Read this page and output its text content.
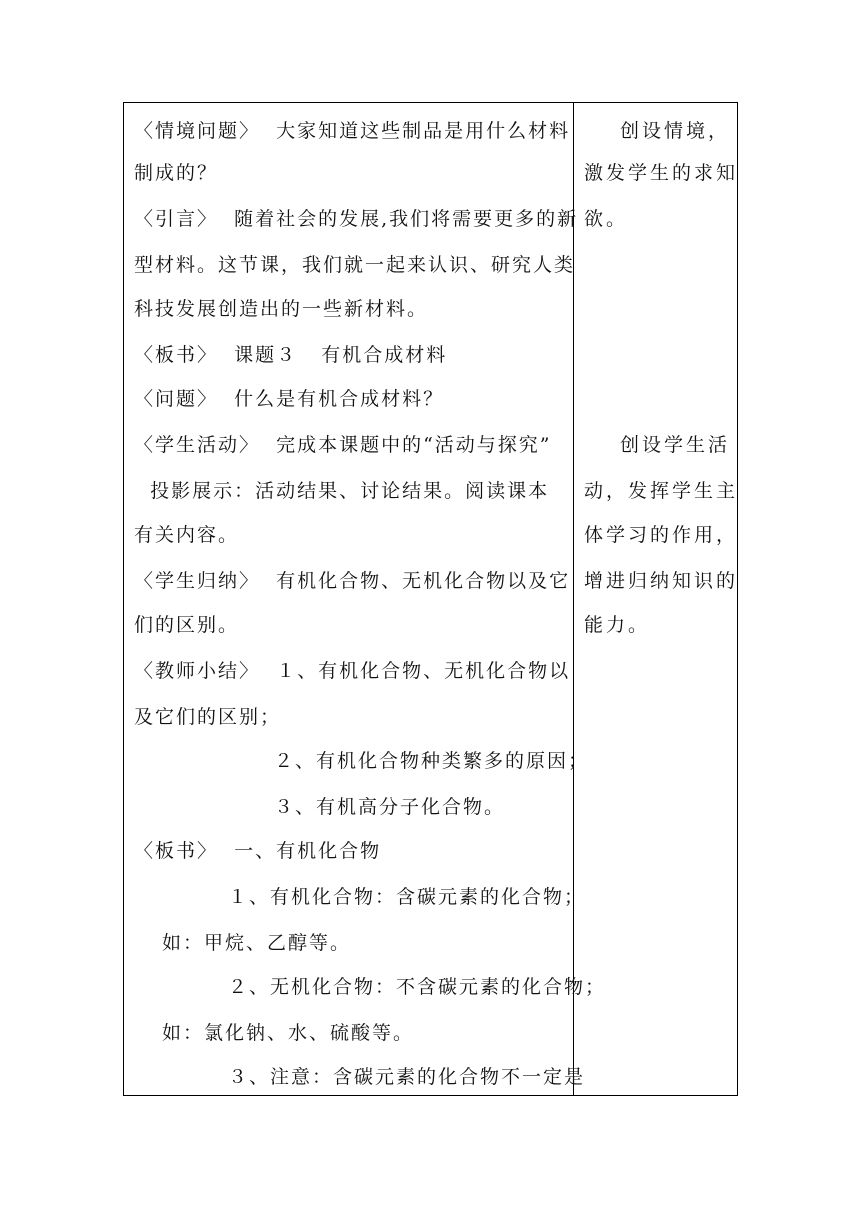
〈情境问题〉  大家知道这些制品是用什么材料
制成的？
〈引言〉  随着社会的发展,我们将需要更多的新
型材料。这节课，我们就一起来认识、研究人类
科技发展创造出的一些新材料。
〈板书〉  课题３   有机合成材料
〈问题〉  什么是有机合成材料？
〈学生活动〉  完成本课题中的“活动与探究”
投影展示：活动结果、讨论结果。阅读课本
有关内容。
〈学生归纳〉  有机化合物、无机化合物以及它
们的区别。
〈教师小结〉  １、有机化合物、无机化合物以
及它们的区别；
２、有机化合物种类繁多的原因；
３、有机高分子化合物。
〈板书〉  一、有机化合物
１、有机化合物：含碳元素的化合物；
如：甲烷、乙醇等。
２、无机化合物：不含碳元素的化合物；
如：氯化钠、水、硫酸等。
３、注意：含碳元素的化合物不一定是
创设情境，
激发学生的求知
欲。
创设学生活
动，发挥学生主
体学习的作用，
增进归纳知识的
能力。
